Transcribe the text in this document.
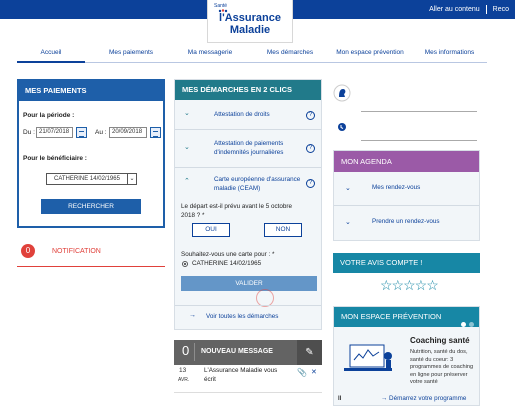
Aller au contenu	Reco
Santé
l'Assurance
Maladie
Accueil	Mes paiements	Ma messagerie	Mes démarches	Mon espace prévention	Mes informations
MES PAIEMENTS
Pour la période :
Du : 21/07/2018	Au : 20/09/2018
Pour le bénéficiaire :
CATHERINE 14/02/1965	⌄
RECHERCHER
0	NOTIFICATION
MES DÉMARCHES EN 2 CLICS
⌄	Attestation de droits	?
⌄
Attestation de paiements
d'indemnités journalières
?
⌃	Carte européenne d'assurance
maladie (CEAM)
?
Le départ est-il prévu avant le 5 octobre
2018 ? *
OUI	NON
Souhaitez-vous une carte pour : *
CATHERINE 14/02/1965
VALIDER
→ Voir toutes les démarches
0 NOUVEAU MESSAGE	✎
13
AVR.
L'Assurance Maladie vous
écrit
📎 ✕
MON AGENDA
⌄	Mes rendez-vous
⌄	Prendre un rendez-vous
VOTRE AVIS COMPTE !
☆☆☆☆☆
MON ESPACE PRÉVENTION
Coaching santé
Nutrition, santé du dos, santé du coeur: 3 programmes de coaching en ligne pour préserver votre santé
II	→ Démarrez votre programme
